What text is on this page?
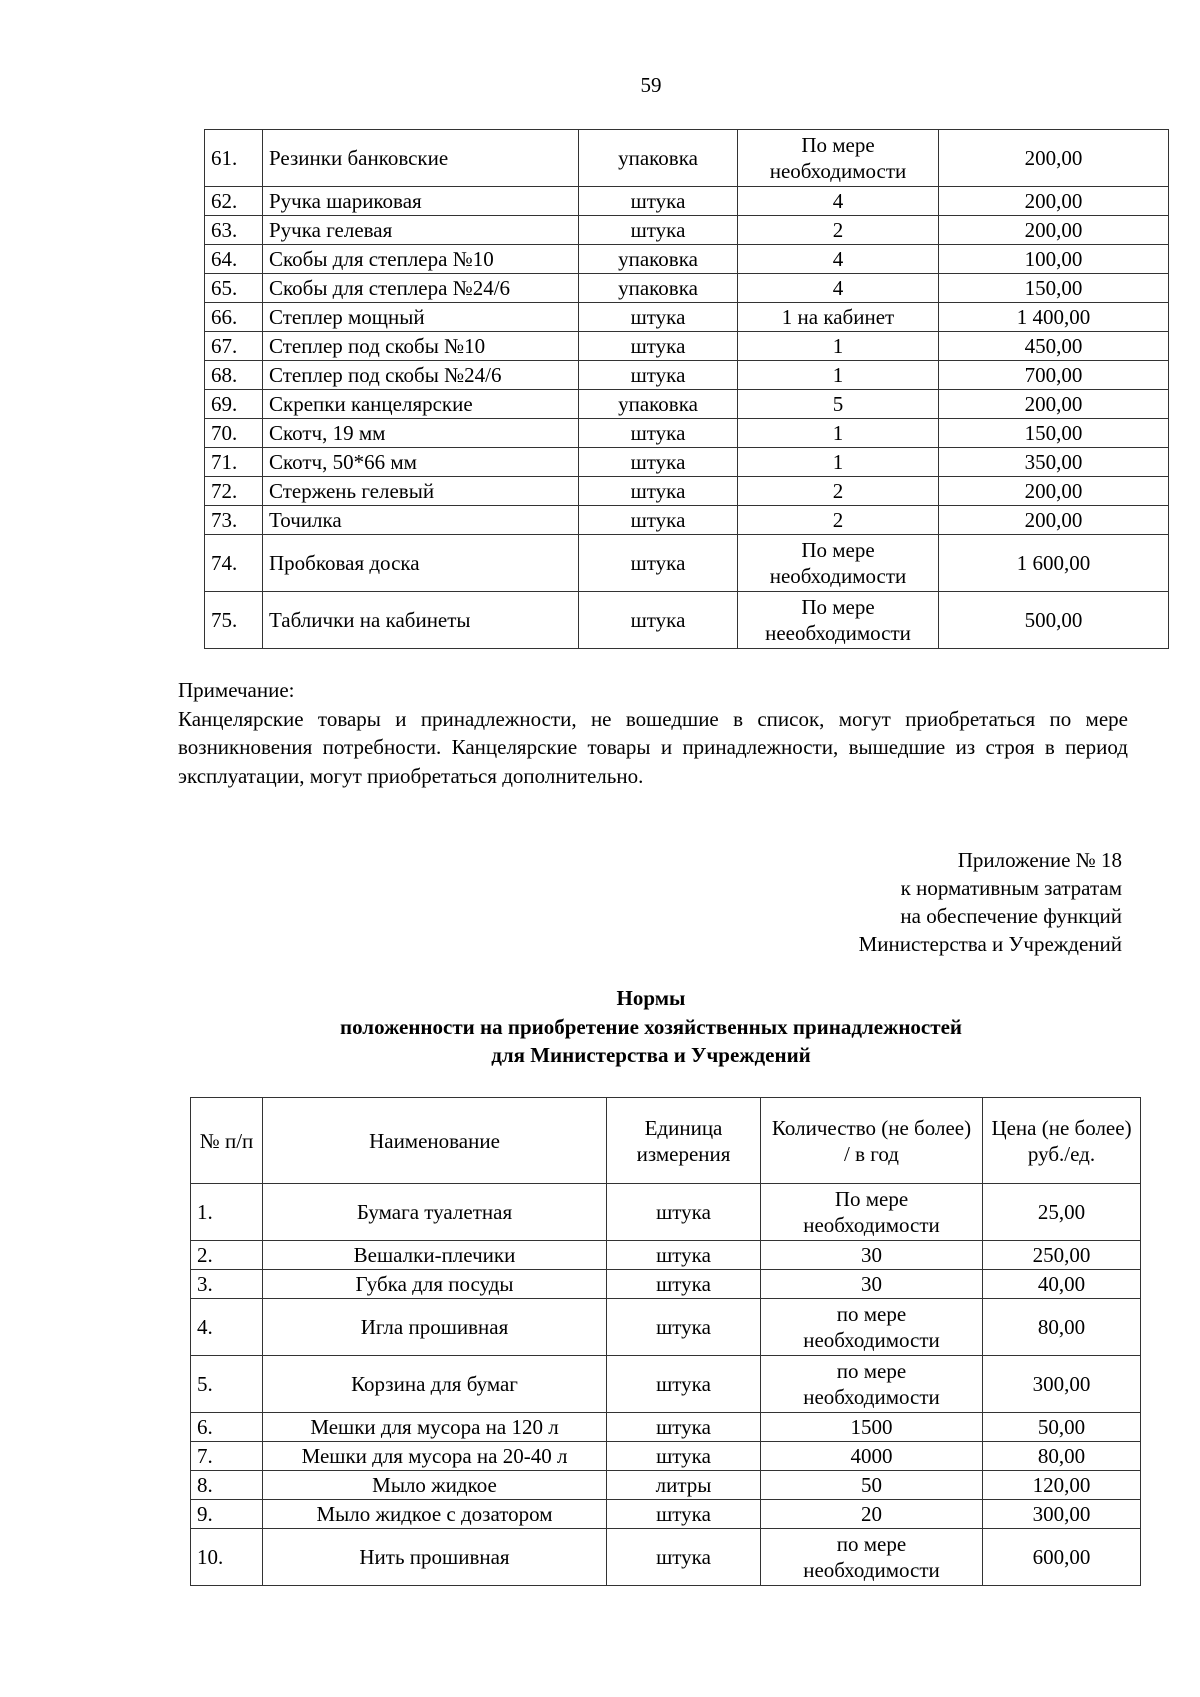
59
61.	Резинки банковские	упаковка	По мере необходимости	200,00
62.	Ручка шариковая	штука	4	200,00
63.	Ручка гелевая	штука	2	200,00
64.	Скобы для степлера №10	упаковка	4	100,00
65.	Скобы для степлера №24/6	упаковка	4	150,00
66.	Степлер мощный	штука	1 на кабинет	1 400,00
67.	Степлер под скобы №10	штука	1	450,00
68.	Степлер под скобы №24/6	штука	1	700,00
69.	Скрепки канцелярские	упаковка	5	200,00
70.	Скотч, 19 мм	штука	1	150,00
71.	Скотч, 50*66 мм	штука	1	350,00
72.	Стержень гелевый	штука	2	200,00
73.	Точилка	штука	2	200,00
74.	Пробковая доска	штука	По мере необходимости	1 600,00
75.	Таблички на кабинеты	штука	По мере неeобходимости	500,00
Примечание:
Канцелярские товары и принадлежности, не вошедшие в список, могут приобретаться по мере возникновения потребности. Канцелярские товары и принадлежности, вышедшие из строя в период эксплуатации, могут приобретаться дополнительно.
Приложение № 18
к нормативным затратам
на обеспечение функций
Министерства и Учреждений
Нормы
положенности на приобретение хозяйственных принадлежностей
для Министерства и Учреждений
№ п/п	Наименование	Единица измерения	Количество (не более) / в год	Цена (не более) руб./ед.
1.	Бумага туалетная	штука	По мере необходимости	25,00
2.	Вешалки-плечики	штука	30	250,00
3.	Губка для посуды	штука	30	40,00
4.	Игла прошивная	штука	по мере необходимости	80,00
5.	Корзина для бумаг	штука	по мере необходимости	300,00
6.	Мешки для мусора на 120 л	штука	1500	50,00
7.	Мешки для мусора на 20-40 л	штука	4000	80,00
8.	Мыло жидкое	литры	50	120,00
9.	Мыло жидкое с дозатором	штука	20	300,00
10.	Нить прошивная	штука	по мере необходимости	600,00
